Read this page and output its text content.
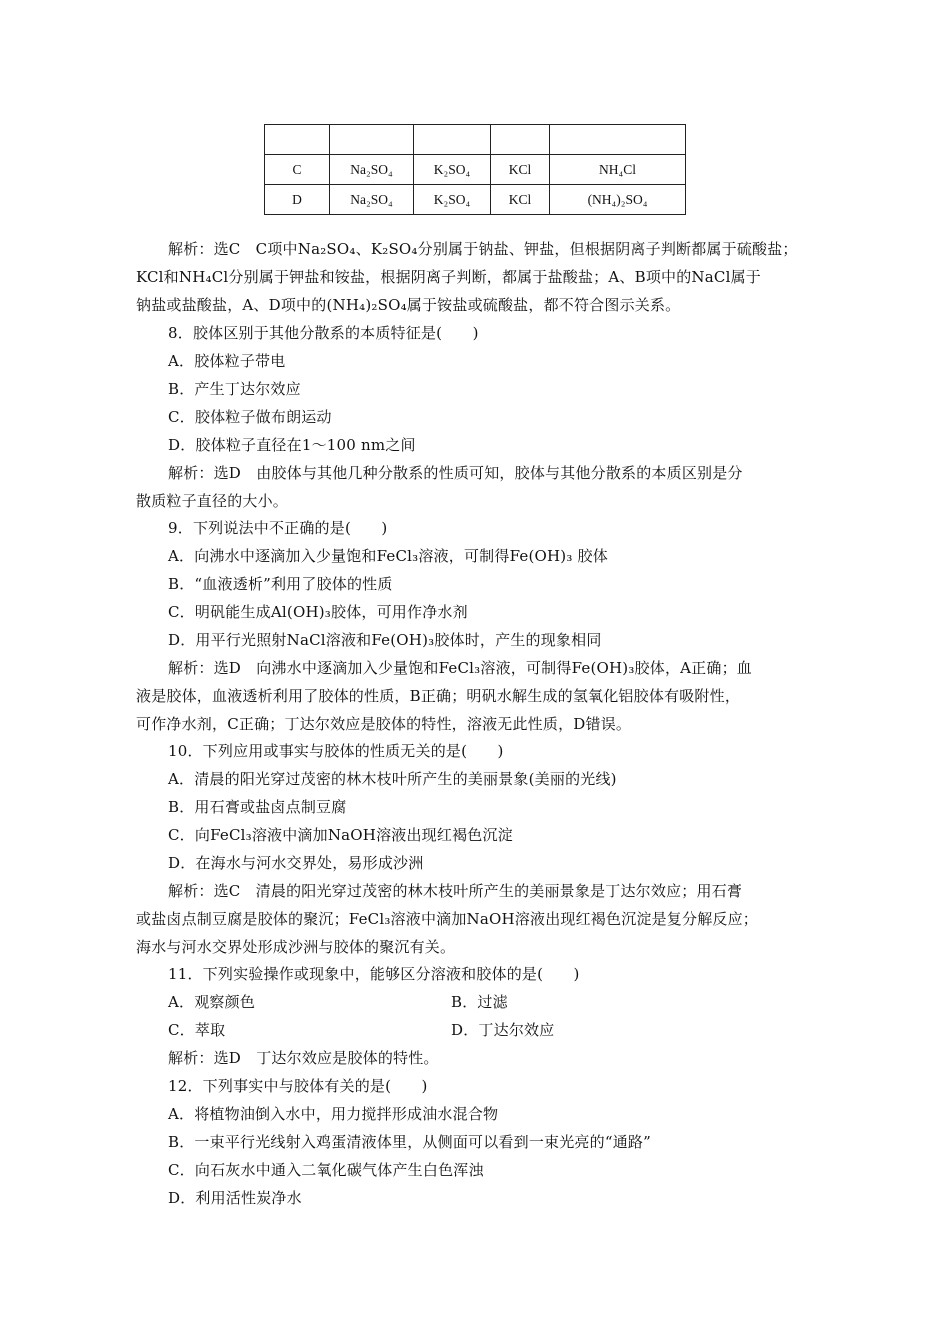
C	Na₂SO₄	K₂SO₄	KCl	NH₄Cl
D	Na₂SO₄	K₂SO₄	KCl	(NH₄)₂SO₄
解析：选C　C项中Na₂SO₄、K₂SO₄分别属于钠盐、钾盐，但根据阴离子判断都属于硫酸盐；
KCl和NH₄Cl分别属于钾盐和铵盐，根据阴离子判断，都属于盐酸盐；A、B项中的NaCl属于
钠盐或盐酸盐，A、D项中的(NH₄)₂SO₄属于铵盐或硫酸盐，都不符合图示关系。
8．胶体区别于其他分散系的本质特征是(　　)
A．胶体粒子带电
B．产生丁达尔效应
C．胶体粒子做布朗运动
D．胶体粒子直径在1～100 nm之间
解析：选D　由胶体与其他几种分散系的性质可知，胶体与其他分散系的本质区别是分
散质粒子直径的大小。
9．下列说法中不正确的是(　　)
A．向沸水中逐滴加入少量饱和FeCl₃溶液，可制得Fe(OH)₃ 胶体
B．“血液透析”利用了胶体的性质
C．明矾能生成Al(OH)₃胶体，可用作净水剂
D．用平行光照射NaCl溶液和Fe(OH)₃胶体时，产生的现象相同
解析：选D　向沸水中逐滴加入少量饱和FeCl₃溶液，可制得Fe(OH)₃胶体，A正确；血
液是胶体，血液透析利用了胶体的性质，B正确；明矾水解生成的氢氧化铝胶体有吸附性，
可作净水剂，C正确；丁达尔效应是胶体的特性，溶液无此性质，D错误。
10．下列应用或事实与胶体的性质无关的是(　　)
A．清晨的阳光穿过茂密的林木枝叶所产生的美丽景象(美丽的光线)
B．用石膏或盐卤点制豆腐
C．向FeCl₃溶液中滴加NaOH溶液出现红褐色沉淀
D．在海水与河水交界处，易形成沙洲
解析：选C　清晨的阳光穿过茂密的林木枝叶所产生的美丽景象是丁达尔效应；用石膏
或盐卤点制豆腐是胶体的聚沉；FeCl₃溶液中滴加NaOH溶液出现红褐色沉淀是复分解反应；
海水与河水交界处形成沙洲与胶体的聚沉有关。
11．下列实验操作或现象中，能够区分溶液和胶体的是(　　)
A．观察颜色	B．过滤
C．萃取	D．丁达尔效应
解析：选D　丁达尔效应是胶体的特性。
12．下列事实中与胶体有关的是(　　)
A．将植物油倒入水中，用力搅拌形成油水混合物
B．一束平行光线射入鸡蛋清液体里，从侧面可以看到一束光亮的“通路”
C．向石灰水中通入二氧化碳气体产生白色浑浊
D．利用活性炭净水
